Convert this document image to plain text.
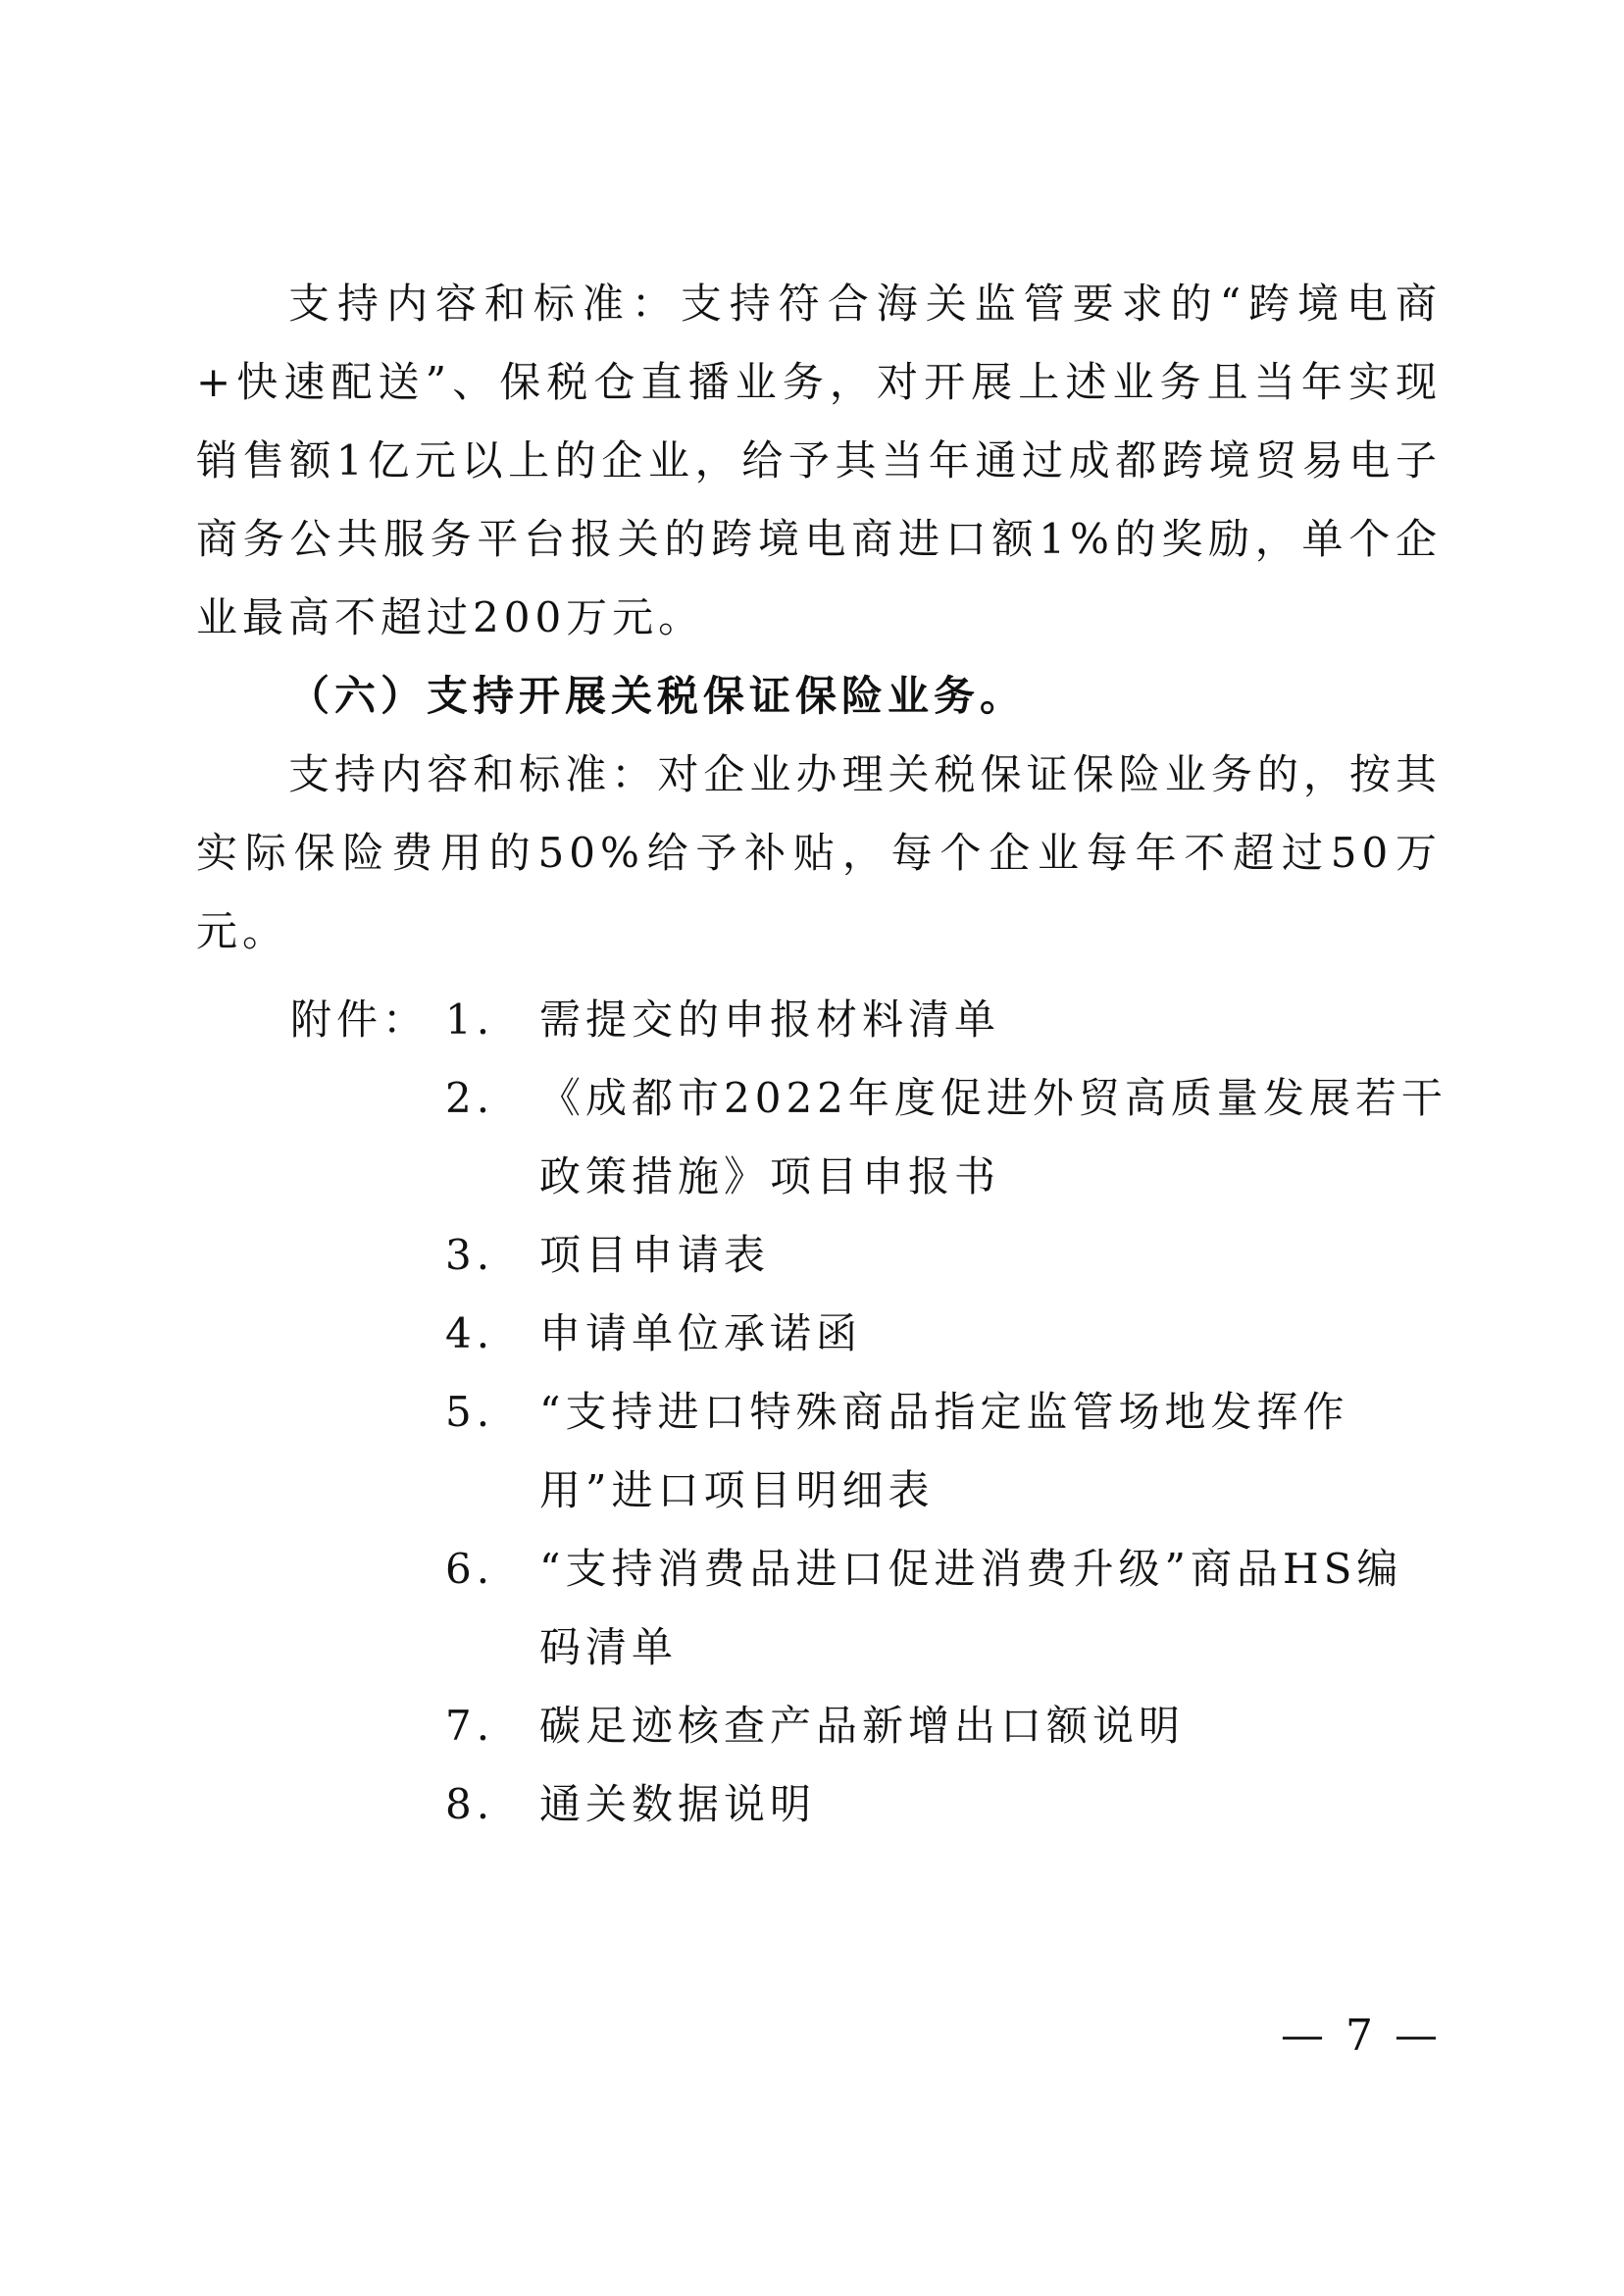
支持内容和标准：支持符合海关监管要求的“跨境电商+快速配送”、保税仓直播业务，对开展上述业务且当年实现销售额1亿元以上的企业，给予其当年通过成都跨境贸易电子商务公共服务平台报关的跨境电商进口额1%的奖励，单个企业最高不超过200万元。

（六）支持开展关税保证保险业务。

支持内容和标准：对企业办理关税保证保险业务的，按其实际保险费用的50%给予补贴，每个企业每年不超过50万元。

附件： 1.	需提交的申报材料清单
2.	《成都市2022年度促进外贸高质量发展若干政策措施》项目申报书
3.	项目申请表
4.	申请单位承诺函
5.	“支持进口特殊商品指定监管场地发挥作用”进口项目明细表
6.	“支持消费品进口促进消费升级”商品HS编码清单
7.	碳足迹核查产品新增出口额说明
8.	通关数据说明
— 7 —
